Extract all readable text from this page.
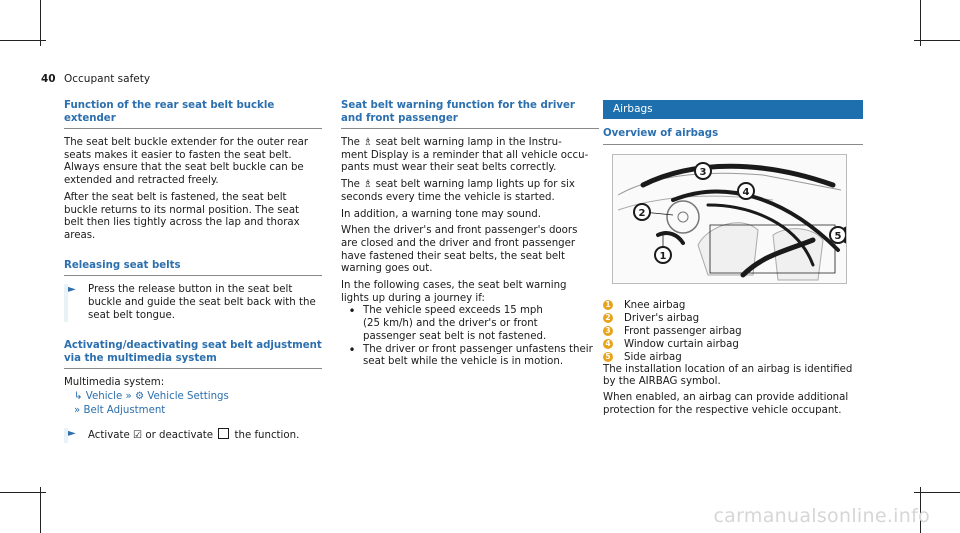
40 Occupant safety
Function of the rear seat belt buckle extender

The seat belt buckle extender for the outer rear

seats makes it easier to fasten the seat belt.

Always ensure that the seat belt buckle can be

extended and retracted freely.

After the seat belt is fastened, the seat belt

buckle returns to its normal position. The seat

belt then lies tightly across the lap and thorax

areas.

Releasing seat belts
►	Press the release button in the seat belt

buckle and guide the seat belt back with the

seat belt tongue.

Activating/deactivating seat belt adjustment via the multimedia system

Multimedia system:

↳ Vehicle » ⚙ Vehicle Settings
» Belt Adjustment
►	Activate ☑ or deactivate the function.

Seat belt warning function for the driver and front passenger

The ♗ seat belt warning lamp in the Instru-

ment Display is a reminder that all vehicle occu-

pants must wear their seat belts correctly.

The ♗ seat belt warning lamp lights up for six

seconds every time the vehicle is started.

In addition, a warning tone may sound.

When the driver's and front passenger's doors

are closed and the driver and front passenger

have fastened their seat belts, the seat belt

warning goes out.

In the following cases, the seat belt warning

lights up during a journey if:

• The vehicle speed exceeds 15 mph

(25 km/h) and the driver's or front

passenger seat belt is not fastened.

• The driver or front passenger unfastens their

seat belt while the vehicle is in motion.

Airbags
Overview of airbags
3
4
2
1
5
1 Knee airbag
2 Driver's airbag
3 Front passenger airbag
4 Window curtain airbag
5 Side airbag

The installation location of an airbag is identified

by the AIRBAG symbol.

When enabled, an airbag can provide additional

protection for the respective vehicle occupant.

carmanualsonline.info
